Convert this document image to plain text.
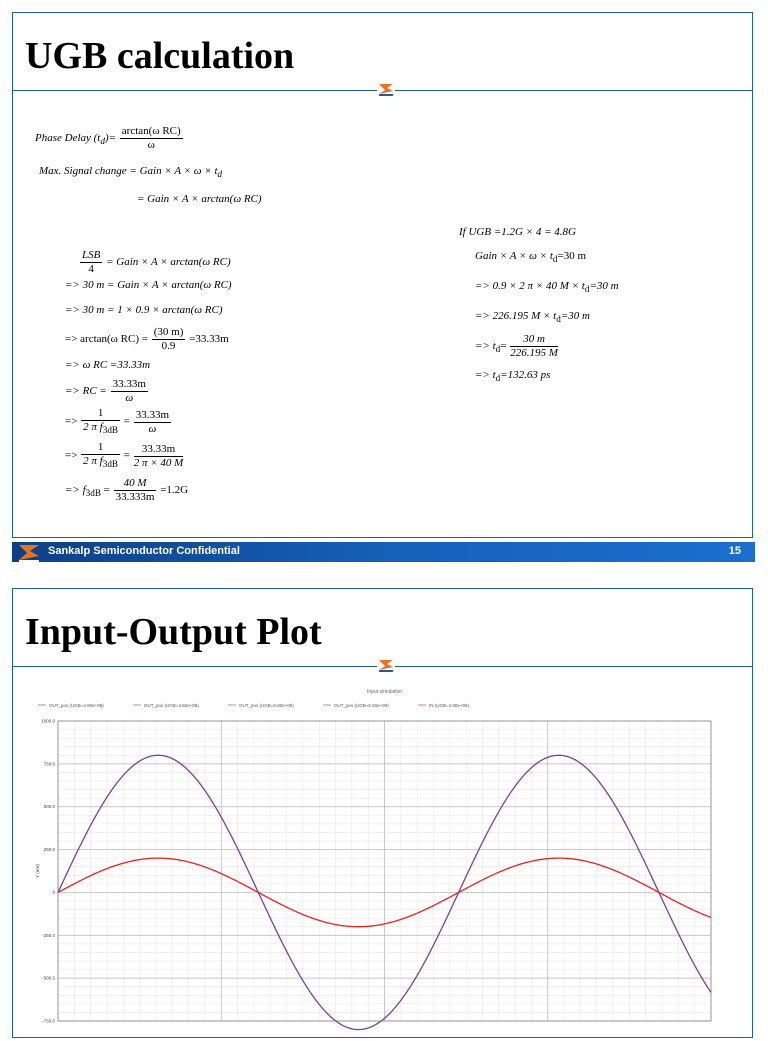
UGB calculation
Phase Delay $(t_d)= \frac{\text{arctan(ω RC)}}{\omega}$
Max. Signal change = Gain × $A \times \omega \times t_d$
= Gain × A × arctan(ω RC)
$\frac{\text{LSB}}{4}$ = Gain × A × arctan(ω RC)
=> 30 m = Gain × A × arctan(ω RC)
=> 30 m = 1 × 0.9 × arctan(ω RC)
=> arctan(ω $RC) = \frac{(30 m)}{0.9} =33.33m$
=> ω RC =33.33m
=> RC = $\frac{33.33m}{\omega}$
=> $\frac{1}{2 \pi f_{3dB}} = \frac{33.33m}{\omega}$
=> $\frac{1}{2 \pi f_{3dB}} = \frac{33.33m}{2 \pi \times 40 M}$
=> $f_{3dB} = \frac{40 M}{33.333m} =1.2G$
If UGB =1.2G × 4 = 4.8G
Gain × $A \times \omega \times t_d=30$ m
=> 0.9 × 2 π × 40 $M \times t_d=30$ m
=> 226.195 $M \times t_d=30$ m
=> $t_d= \frac{30 m}{226.195 M}$
=> $t_d=132.63$ ps
Sankalp Semiconductor Confidential	15
Input-Output Plot
Input simulation
OUT_pos (UGB=4.80e+09)	OUT_pos (UGB=3.50e+09)	OUT_pos (UGB=5.00e+09)	OUT_pos (UGB=5.50e+09)	IN (UGB=4.80e+09)
1000.0
750.0
500.0
250.0
0
-250.0
-500.0
-750.0
Y (mV)
